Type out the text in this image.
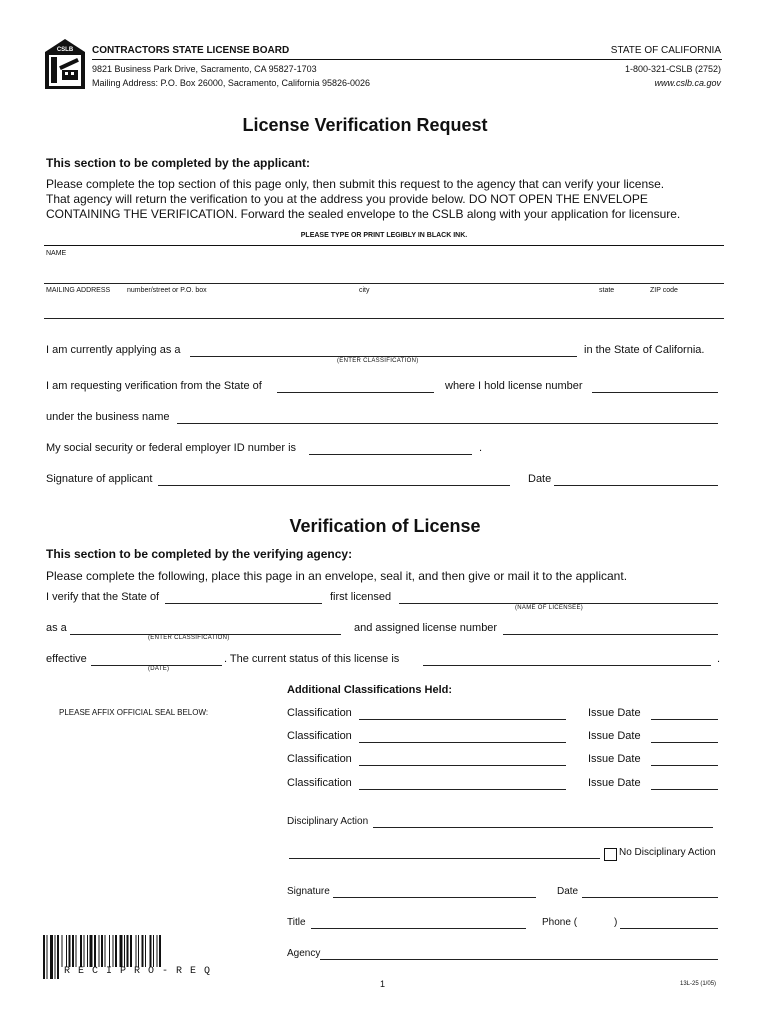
CSLB CONTRACTORS STATE LICENSE BOARD	STATE OF CALIFORNIA
9821 Business Park Drive, Sacramento, CA 95827-1703
Mailing Address: P.O. Box 26000, Sacramento, California 95826-0026
1-800-321-CSLB (2752)
www.cslb.ca.gov
License Verification Request
This section to be completed by the applicant:
Please complete the top section of this page only, then submit this request to the agency that can verify your license.
That agency will return the verification to you at the address you provide below. DO NOT OPEN THE ENVELOPE
CONTAINING THE VERIFICATION. Forward the sealed envelope to the CSLB along with your application for licensure.
PLEASE TYPE OR PRINT LEGIBLY IN BLACK INK.
NAME
MAILING ADDRESS number/street or P.O. box	city	state	ZIP code
I am currently applying as a	in the State of California.
(ENTER CLASSIFICATION)
I am requesting verification from the State of	where I hold license number
under the business name
My social security or federal employer ID number is	.
Signature of applicant	Date
Verification of License
This section to be completed by the verifying agency:
Please complete the following, place this page in an envelope, seal it, and then give or mail it to the applicant.
I verify that the State of	first licensed
(NAME OF LICENSEE)
as a
(ENTER CLASSIFICATION)
and assigned license number
effective
(DATE)
. The current status of this license is	.
Additional Classifications Held:
PLEASE AFFIX OFFICIAL SEAL BELOW:	Classification	Issue Date
Classification	Issue Date
Classification	Issue Date
Classification	Issue Date
Disciplinary Action
No Disciplinary Action
Signature	Date
Title	Phone (	)
Agency
R E C I P R O - R E Q
1	13L-25 (1/05)
